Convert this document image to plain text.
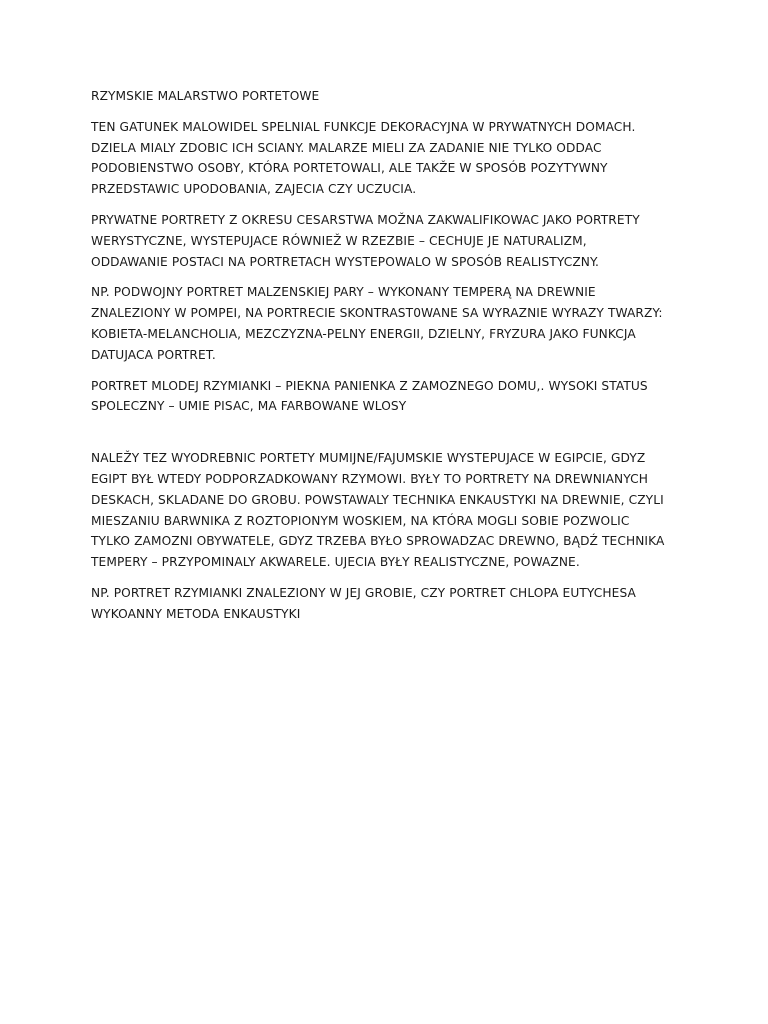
RZYMSKIE MALARSTWO PORTETOWE

TEN GATUNEK MALOWIDEL SPELNIAL FUNKCJE DEKORACYJNA W PRYWATNYCH DOMACH.
DZIELA MIALY ZDOBIC ICH SCIANY. MALARZE MIELI ZA ZADANIE NIE TYLKO ODDAC
PODOBIENSTWO OSOBY, KTÓRA PORTETOWALI, ALE TAKŽE W SPOSÓB POZYTYWNY
PRZEDSTAWIC UPODOBANIA, ZAJECIA CZY UCZUCIA.

PRYWATNE PORTRETY Z OKRESU CESARSTWA MOŽNA ZAKWALIFIKOWAC JAKO PORTRETY
WERYSTYCZNE, WYSTEPUJACE RÓWNIEŽ W RZEZBIE – CECHUJE JE NATURALIZM,
ODDAWANIE POSTACI NA PORTRETACH WYSTEPOWALO W SPOSÓB REALISTYCZNY.

NP. PODWOJNY PORTRET MALZENSKIEJ PARY – WYKONANY TEMPERĄ NA DREWNIE
ZNALEZIONY W POMPEI, NA PORTRECIE SKONTRAST0WANE SA WYRAZNIE WYRAZY TWARZY:
KOBIETA-MELANCHOLIA, MEZCZYZNA-PELNY ENERGII, DZIELNY, FRYZURA JAKO FUNKCJA
DATUJACA PORTRET.

PORTRET MLODEJ RZYMIANKI – PIEKNA PANIENKA Z ZAMOZNEGO DOMU,. WYSOKI STATUS
SPOLECZNY – UMIE PISAC, MA FARBOWANE WLOSY

NALEŽY TEZ WYODREBNIC PORTETY MUMIJNE/FAJUMSKIE WYSTEPUJACE W EGIPCIE, GDYZ
EGIPT BYŁ WTEDY PODPORZADKOWANY RZYMOWI. BYŁY TO PORTRETY NA DREWNIANYCH
DESKACH, SKLADANE DO GROBU. POWSTAWALY TECHNIKA ENKAUSTYKI NA DREWNIE, CZYLI
MIESZANIU BARWNIKA Z ROZTOPIONYM WOSKIEM, NA KTÓRA MOGLI SOBIE POZWOLIC
TYLKO ZAMOZNI OBYWATELE, GDYZ TRZEBA BYŁO SPROWADZAC DREWNO, BĄDŹ TECHNIKA
TEMPERY – PRZYPOMINALY AKWARELE. UJECIA BYŁY REALISTYCZNE, POWAZNE.

NP. PORTRET RZYMIANKI ZNALEZIONY W JEJ GROBIE, CZY PORTRET CHLOPA EUTYCHESA
WYKOANNY METODA ENKAUSTYKI
